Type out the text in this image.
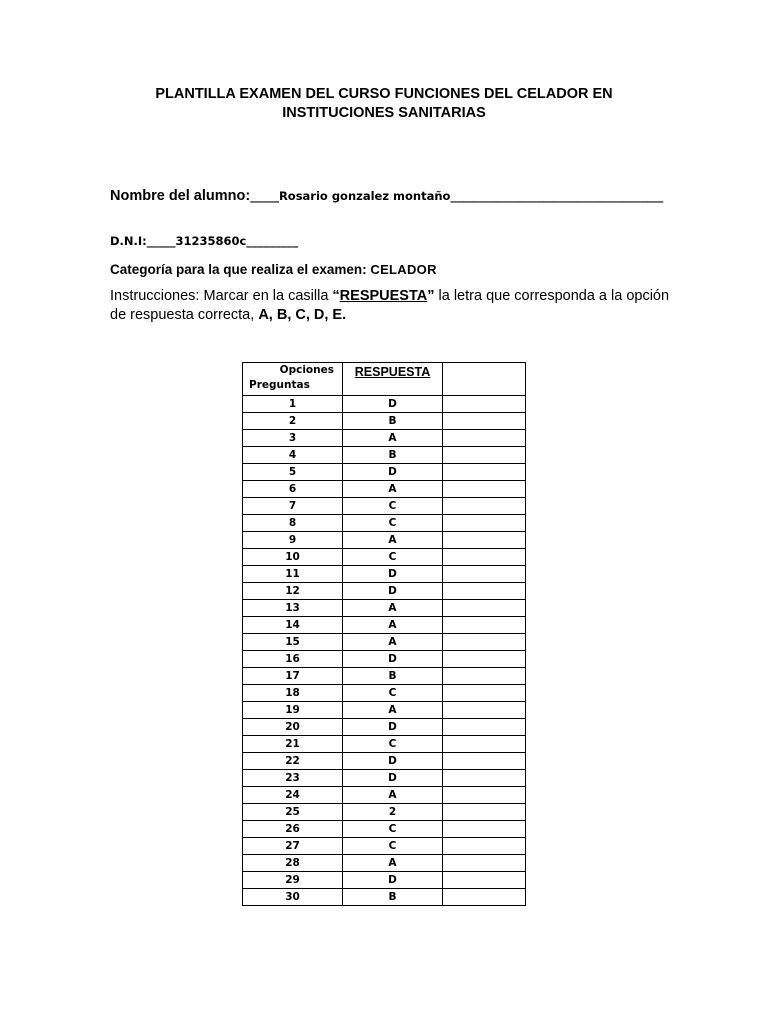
PLANTILLA EXAMEN DEL CURSO FUNCIONES DEL CELADOR EN
INSTITUCIONES SANITARIAS
Nombre del alumno:_____Rosario gonzalez montaño_____________________________________
D.N.I:_____31235860c_________
Categoría para la que realiza el examen: CELADOR
Instrucciones: Marcar en la casilla “RESPUESTA” la letra que corresponda a la opción de respuesta correcta, A, B, C, D, E.
Opciones
Preguntas	RESPUESTA	

1	D	
2	B	
3	A	
4	B	
5	D	
6	A	
7	C	
8	C	
9	A	
10	C	
11	D	
12	D	
13	A	
14	A	
15	A	
16	D	
17	B	
18	C	
19	A	
20	D	
21	C	
22	D	
23	D	
24	A	
25	2	
26	C	
27	C	
28	A	
29	D	
30	B	
